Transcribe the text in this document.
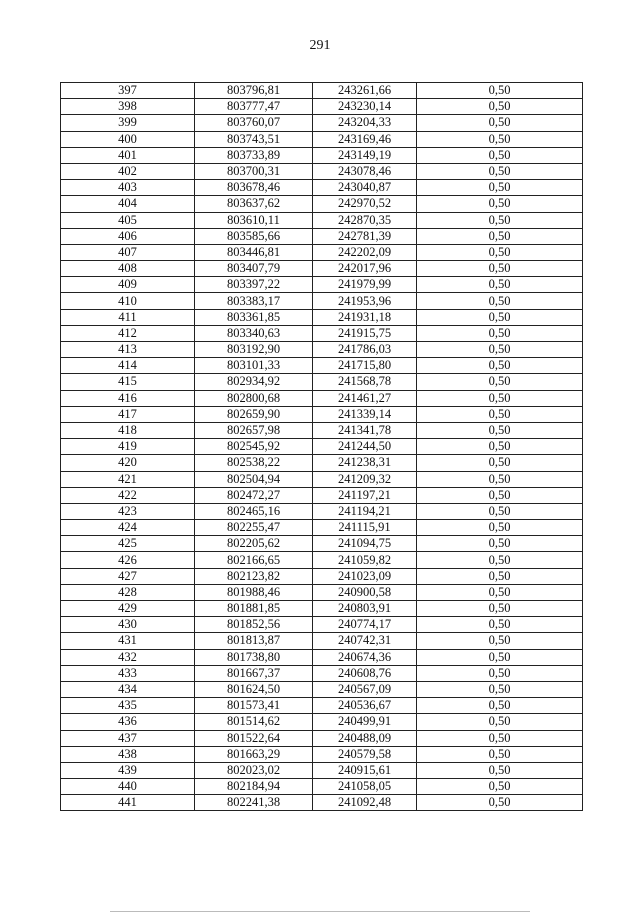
291
397	803796,81	243261,66	0,50
398	803777,47	243230,14	0,50
399	803760,07	243204,33	0,50
400	803743,51	243169,46	0,50
401	803733,89	243149,19	0,50
402	803700,31	243078,46	0,50
403	803678,46	243040,87	0,50
404	803637,62	242970,52	0,50
405	803610,11	242870,35	0,50
406	803585,66	242781,39	0,50
407	803446,81	242202,09	0,50
408	803407,79	242017,96	0,50
409	803397,22	241979,99	0,50
410	803383,17	241953,96	0,50
411	803361,85	241931,18	0,50
412	803340,63	241915,75	0,50
413	803192,90	241786,03	0,50
414	803101,33	241715,80	0,50
415	802934,92	241568,78	0,50
416	802800,68	241461,27	0,50
417	802659,90	241339,14	0,50
418	802657,98	241341,78	0,50
419	802545,92	241244,50	0,50
420	802538,22	241238,31	0,50
421	802504,94	241209,32	0,50
422	802472,27	241197,21	0,50
423	802465,16	241194,21	0,50
424	802255,47	241115,91	0,50
425	802205,62	241094,75	0,50
426	802166,65	241059,82	0,50
427	802123,82	241023,09	0,50
428	801988,46	240900,58	0,50
429	801881,85	240803,91	0,50
430	801852,56	240774,17	0,50
431	801813,87	240742,31	0,50
432	801738,80	240674,36	0,50
433	801667,37	240608,76	0,50
434	801624,50	240567,09	0,50
435	801573,41	240536,67	0,50
436	801514,62	240499,91	0,50
437	801522,64	240488,09	0,50
438	801663,29	240579,58	0,50
439	802023,02	240915,61	0,50
440	802184,94	241058,05	0,50
441	802241,38	241092,48	0,50
